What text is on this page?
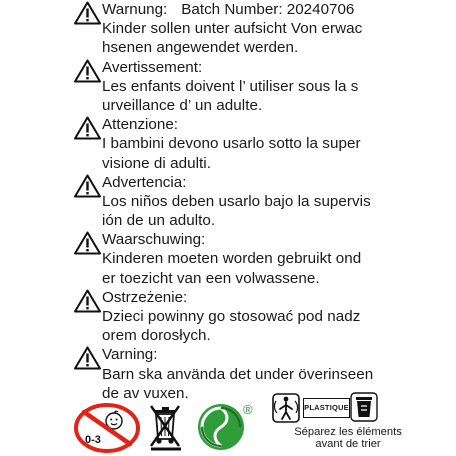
Warnung: Batch Number: 20240706
Kinder sollen unter aufsicht Von erwac
hsenen angewendet werden.
Avertissement:
Les enfants doivent l’ utiliser sous la s
urveillance d’ un adulte.
Attenzione:
I bambini devono usarlo sotto la super
visione di adulti.
Advertencia:
Los niños deben usarlo bajo la supervis
ión de un adulto.
Waarschuwing:
Kinderen moeten worden gebruikt ond
er toezicht van een volwassene.
Ostrzeżenie:
Dzieci powinny go stosować pod nadz
orem dorosłych.
Varning:
Barn ska använda det under överinseen
de av vuxen.
0-3
®	PLASTIQUE
Séparez les éléments
avant de trier
